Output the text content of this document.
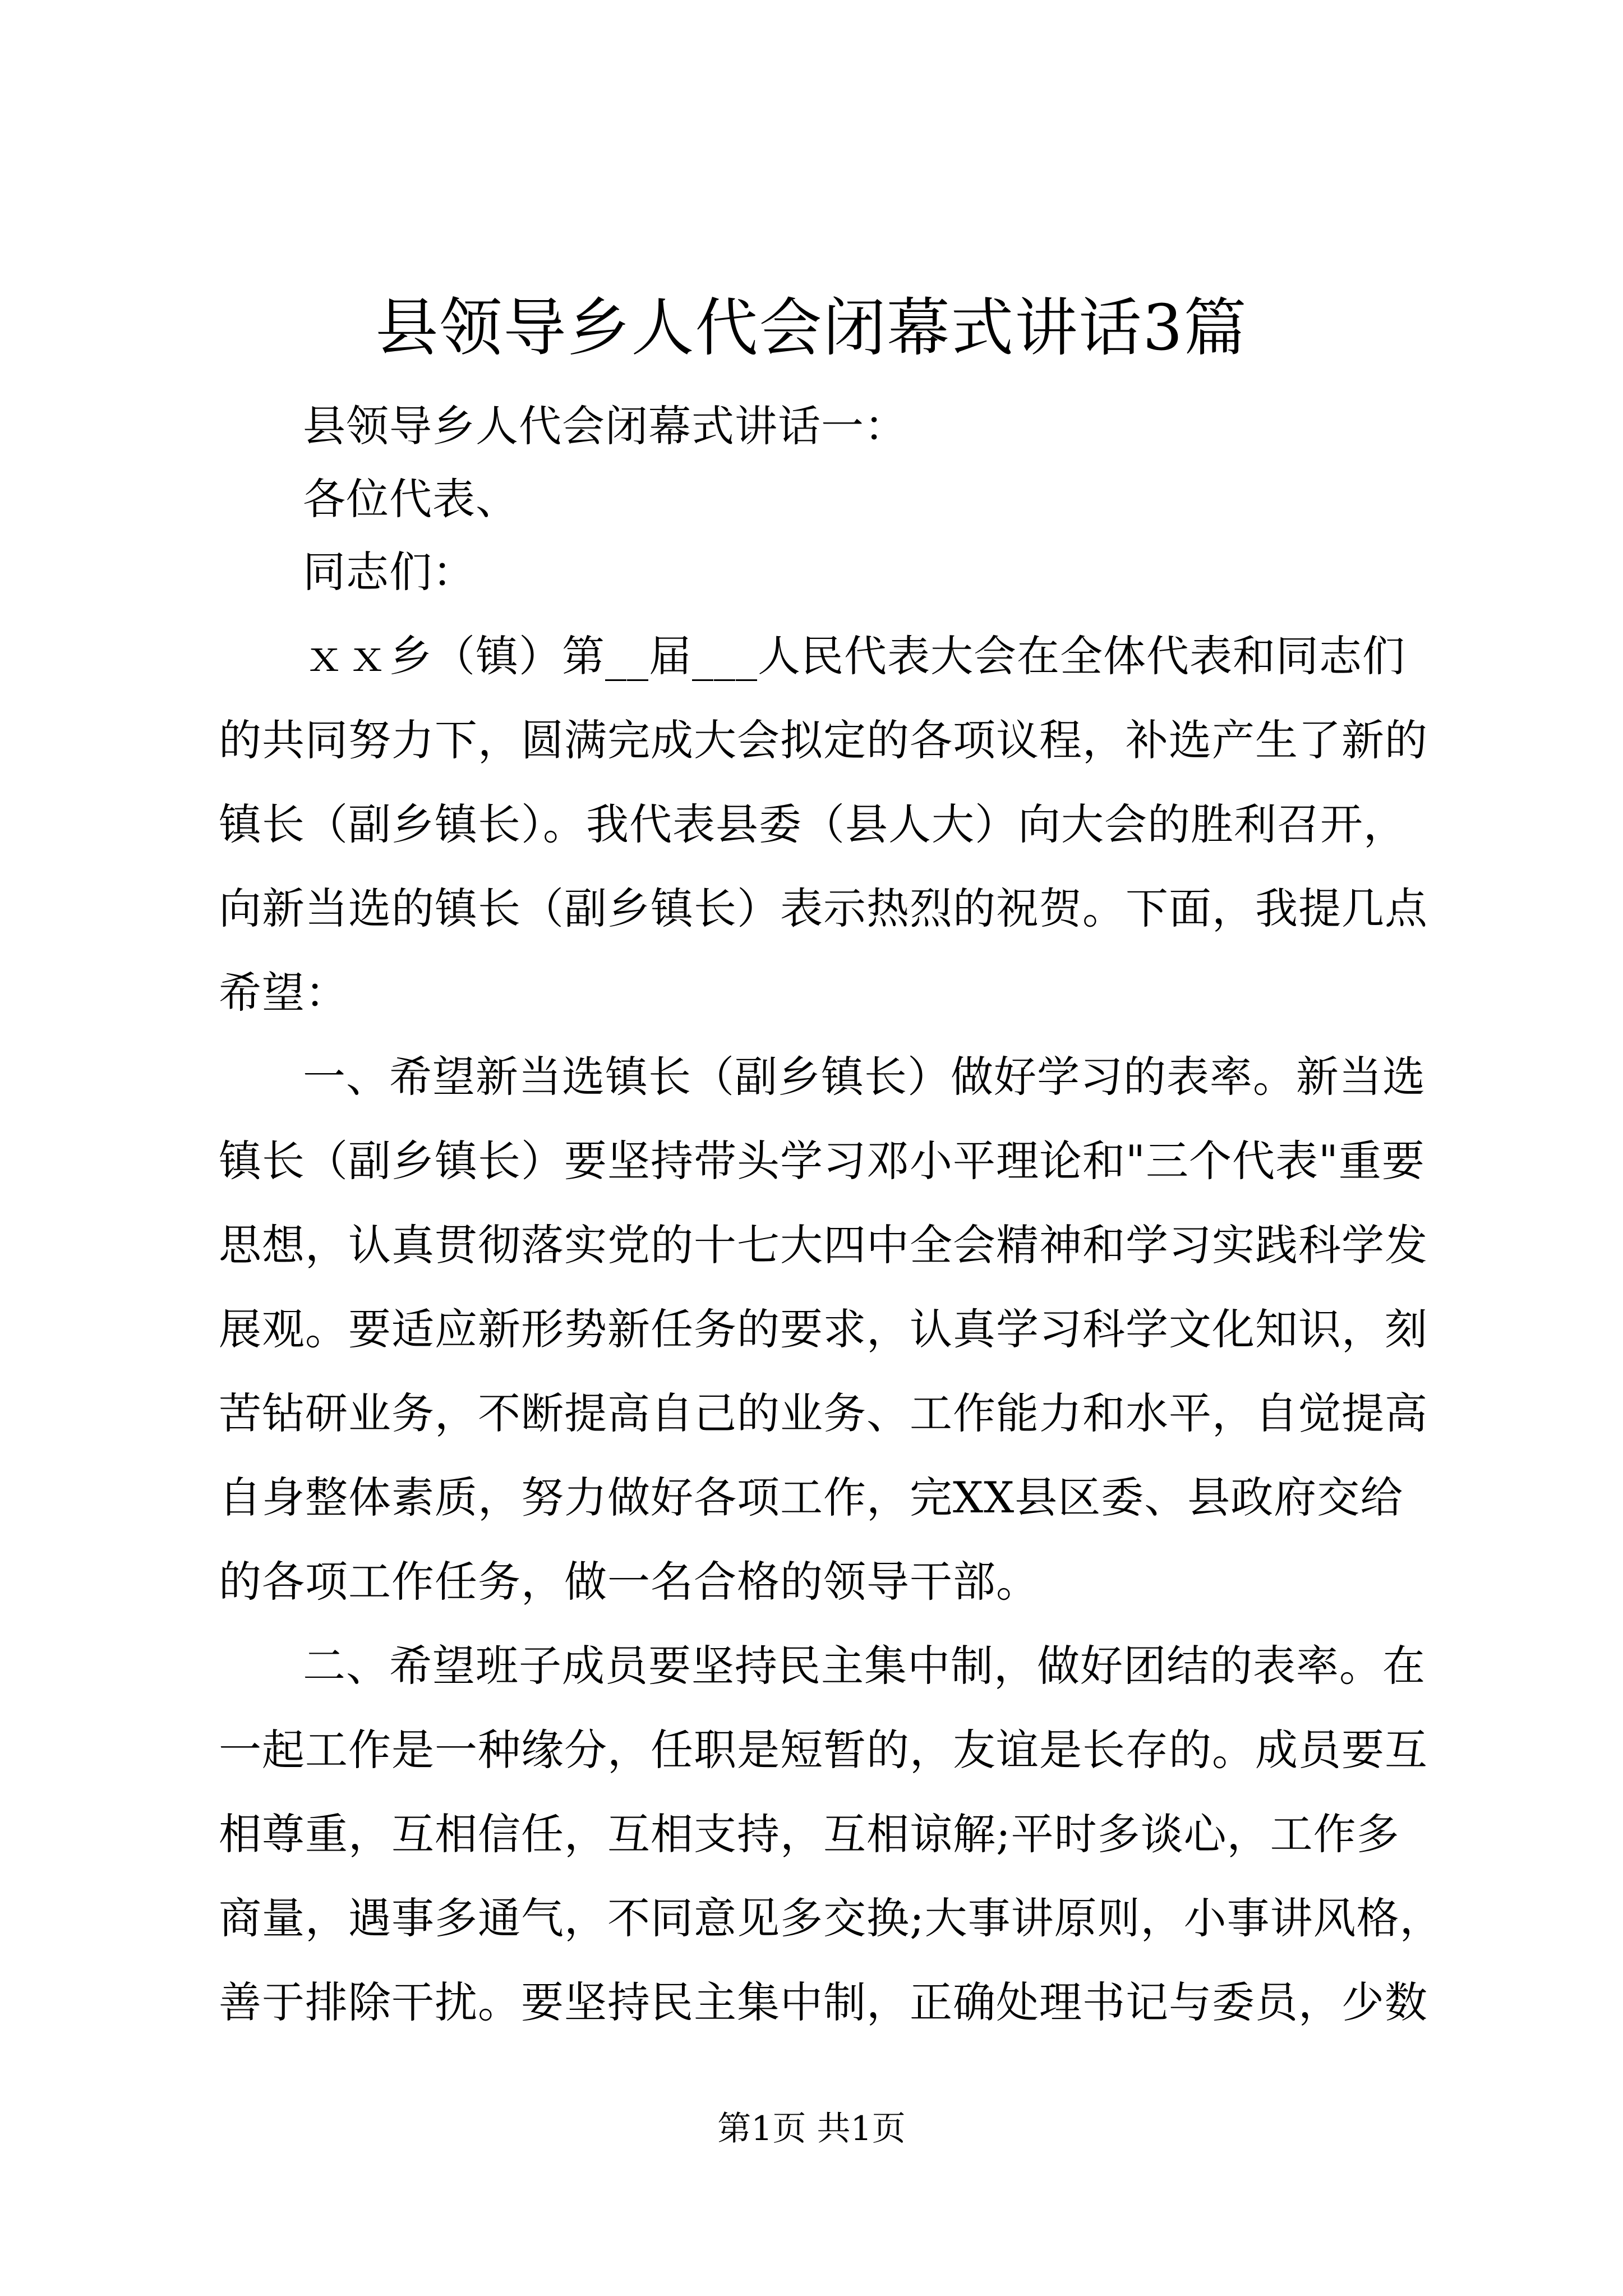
县领导乡人代会闭幕式讲话3篇
县领导乡人代会闭幕式讲话一：
各位代表、
同志们：
ｘｘ乡（镇）第__届___人民代表大会在全体代表和同志们
的共同努力下，圆满完成大会拟定的各项议程，补选产生了新的
镇长（副乡镇长）。我代表县委（县人大）向大会的胜利召开，
向新当选的镇长（副乡镇长）表示热烈的祝贺。下面，我提几点
希望：
一、希望新当选镇长（副乡镇长）做好学习的表率。新当选
镇长（副乡镇长）要坚持带头学习邓小平理论和"三个代表"重要
思想，认真贯彻落实党的十七大四中全会精神和学习实践科学发
展观。要适应新形势新任务的要求，认真学习科学文化知识，刻
苦钻研业务，不断提高自己的业务、工作能力和水平，自觉提高
自身整体素质，努力做好各项工作，完XX县区委、县政府交给
的各项工作任务，做一名合格的领导干部。
二、希望班子成员要坚持民主集中制，做好团结的表率。在
一起工作是一种缘分，任职是短暂的，友谊是长存的。成员要互
相尊重，互相信任，互相支持，互相谅解;平时多谈心，工作多
商量，遇事多通气，不同意见多交换;大事讲原则，小事讲风格，
善于排除干扰。要坚持民主集中制，正确处理书记与委员，少数
第1页 共1页
